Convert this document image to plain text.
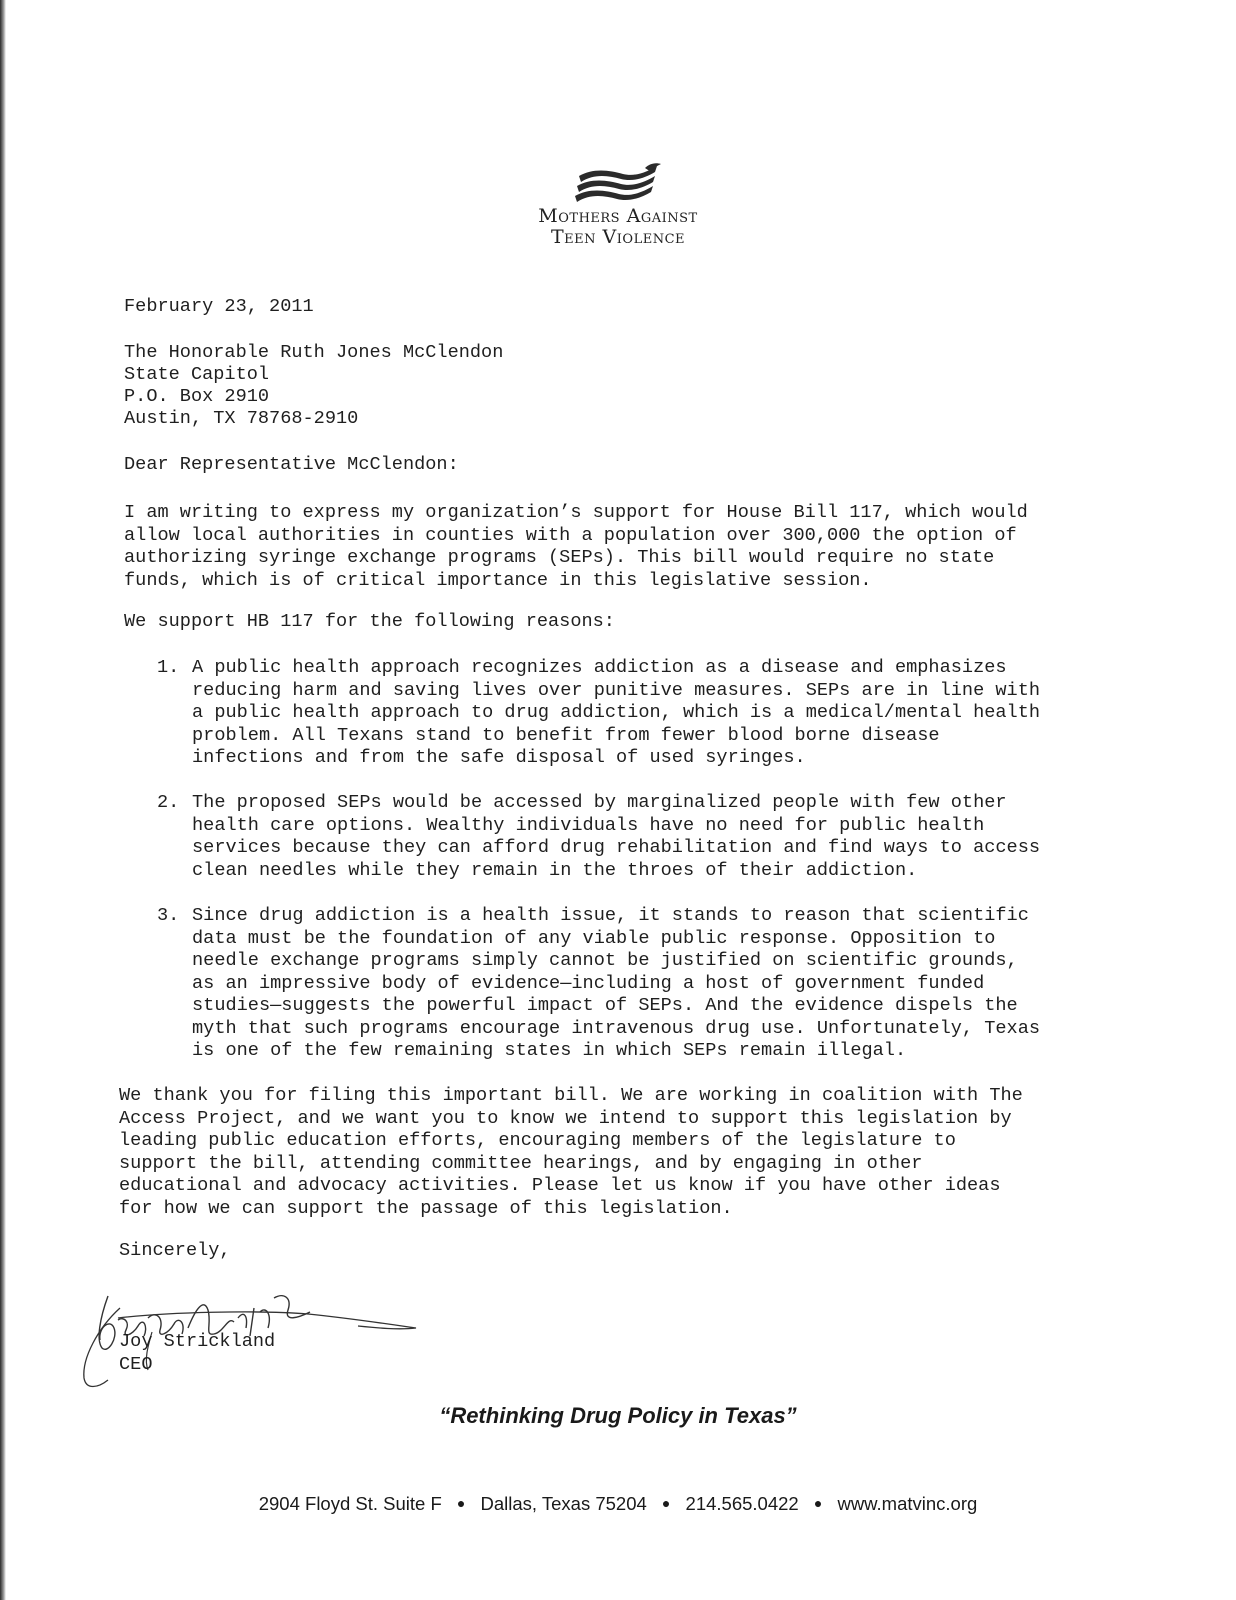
Mothers Against
Teen Violence

February 23, 2011

The Honorable Ruth Jones McClendon

State Capitol

P.O. Box 2910

Austin, TX 78768-2910

Dear Representative McClendon:

I am writing to express my organization’s support for House Bill 117, which would
allow local authorities in counties with a population over 300,000 the option of
authorizing syringe exchange programs (SEPs). This bill would require no state
funds, which is of critical importance in this legislative session.

We support HB 117 for the following reasons:

1. A public health approach recognizes addiction as a disease and emphasizes
reducing harm and saving lives over punitive measures. SEPs are in line with
a public health approach to drug addiction, which is a medical/mental health
problem. All Texans stand to benefit from fewer blood borne disease
infections and from the safe disposal of used syringes.

2. The proposed SEPs would be accessed by marginalized people with few other
health care options. Wealthy individuals have no need for public health
services because they can afford drug rehabilitation and find ways to access
clean needles while they remain in the throes of their addiction.

3. Since drug addiction is a health issue, it stands to reason that scientific
data must be the foundation of any viable public response. Opposition to
needle exchange programs simply cannot be justified on scientific grounds,
as an impressive body of evidence—including a host of government funded
studies—suggests the powerful impact of SEPs. And the evidence dispels the
myth that such programs encourage intravenous drug use. Unfortunately, Texas
is one of the few remaining states in which SEPs remain illegal.

We thank you for filing this important bill. We are working in coalition with The
Access Project, and we want you to know we intend to support this legislation by
leading public education efforts, encouraging members of the legislature to
support the bill, attending committee hearings, and by engaging in other
educational and advocacy activities. Please let us know if you have other ideas
for how we can support the passage of this legislation.

Sincerely,

Joy Strickland

CEO

“Rethinking Drug Policy in Texas”
2904 Floyd St. Suite F ● Dallas, Texas 75204 ● 214.565.0422 ● www.matvinc.org
